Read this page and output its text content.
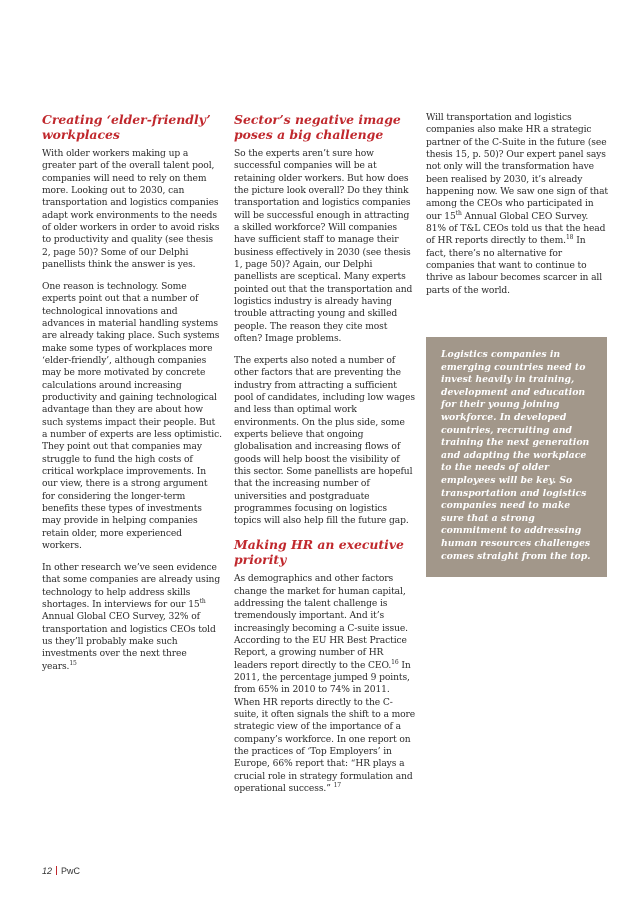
Creating ‘elder-friendly’ workplaces

With older workers making up a greater part of the overall talent pool, companies will need to rely on them more. Looking out to 2030, can transportation and logistics companies adapt work environments to the needs of older workers in order to avoid risks to productivity and quality (see thesis 2, page 50)? Some of our Delphi panellists think the answer is yes.

One reason is technology. Some experts point out that a number of technological innovations and advances in material handling systems are already taking place. Such systems make some types of workplaces more ‘elder-friendly’, although companies may be more motivated by concrete calculations around increasing productivity and gaining technological advantage than they are about how such systems impact their people. But a number of experts are less optimistic. They point out that companies may struggle to fund the high costs of critical workplace improvements. In our view, there is a strong argument for considering the longer-term benefits these types of investments may provide in helping companies retain older, more experienced workers.

In other research we’ve seen evidence that some companies are already using technology to help address skills shortages. In interviews for our 15th Annual Global CEO Survey, 32% of transportation and logistics CEOs told us they’ll probably make such investments over the next three years.$^{15}$

Sector’s negative image poses a big challenge

So the experts aren’t sure how successful companies will be at retaining older workers. But how does the picture look overall? Do they think transportation and logistics companies will be successful enough in attracting a skilled workforce? Will companies have sufficient staff to manage their business effectively in 2030 (see thesis 1, page 50)? Again, our Delphi panellists are sceptical. Many experts pointed out that the transportation and logistics industry is already having trouble attracting young and skilled people. The reason they cite most often? Image problems.

The experts also noted a number of other factors that are preventing the industry from attracting a sufficient pool of candidates, including low wages and less than optimal work environments. On the plus side, some experts believe that ongoing globalisation and increasing flows of goods will help boost the visibility of this sector. Some panellists are hopeful that the increasing number of universities and postgraduate programmes focusing on logistics topics will also help fill the future gap.

Making HR an executive priority

As demographics and other factors change the market for human capital, addressing the talent challenge is tremendously important. And it’s increasingly becoming a C-suite issue. According to the EU HR Best Practice Report, a growing number of HR leaders report directly to the CEO.$^{16}$ In 2011, the percentage jumped 9 points, from 65% in 2010 to 74% in 2011. When HR reports directly to the C-suite, it often signals the shift to a more strategic view of the importance of a company’s workforce. In one report on the practices of ‘Top Employers’ in Europe, 66% report that: “HR plays a crucial role in strategy formulation and operational success.” $^{17}$

Will transportation and logistics companies also make HR a strategic partner of the C-Suite in the future (see thesis 15, p. 50)? Our expert panel says not only will the transformation have been realised by 2030, it’s already happening now. We saw one sign of that among the CEOs who participated in our 15th Annual Global CEO Survey. 81% of T&L CEOs told us that the head of HR reports directly to them.$^{18}$ In fact, there’s no alternative for companies that want to continue to thrive as labour becomes scarcer in all parts of the world.

Logistics companies in emerging countries need to invest heavily in training, development and education for their young joining workforce. In developed countries, recruiting and training the next generation and adapting the workplace to the needs of older employees will be key. So transportation and logistics companies need to make sure that a strong commitment to addressing human resources challenges comes straight from the top.

12 PwC
